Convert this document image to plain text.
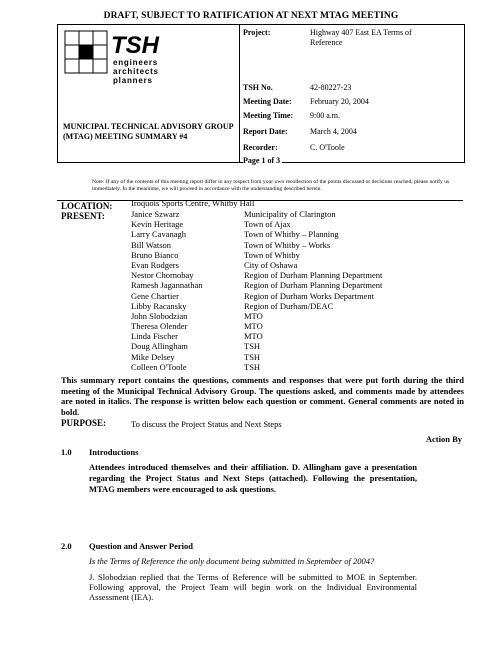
DRAFT, SUBJECT TO RATIFICATION AT NEXT MTAG MEETING
TSH
engineers
architects
planners
MUNICIPAL TECHNICAL ADVISORY GROUP (MTAG) MEETING SUMMARY #4
Project:	Highway 407 East EA Terms of Reference
TSH No.	42-80227-23
Meeting Date: February 20, 2004
Meeting Time: 9:00 a.m.
Report Date:	March 4, 2004
Recorder:	C. O'Toole
Page 1 of 3
Note: If any of the contents of this meeting report differ in any respect from your own recollection of the points discussed or decisions reached, please notify us immediately. In the meantime, we will proceed in accordance with the understanding described herein.
LOCATION: Iroquois Sports Centre, Whitby Hall
PRESENT:	Janice Szwarz	Municipality of Clarington
Kevin Heritage	Town of Ajax
Larry Cavanagh	Town of Whitby – Planning
Bill Watson	Town of Whitby – Works
Bruno Bianco	Town of Whitby
Evan Rodgers	City of Oshawa
Nestor Chornobay	Region of Durham Planning Department
Ramesh Jagannathan	Region of Durham Planning Department
Gene Chartier	Region of Durham Works Department
Libby Racansky	Region of Durham/DEAC
John Slobodzian	MTO
Theresa Olender	MTO
Linda Fischer	MTO
Doug Allingham	TSH
Mike Delsey	TSH
Colleen O'Toole	TSH
This summary report contains the questions, comments and responses that were put forth during the third meeting of the Municipal Technical Advisory Group. The questions asked, and comments made by attendees are noted in italics. The response is written below each question or comment. General comments are noted in bold.
PURPOSE:	To discuss the Project Status and Next Steps
Action By
1.0 Introductions
Attendees introduced themselves and their affiliation. D. Allingham gave a presentation regarding the Project Status and Next Steps (attached). Following the presentation, MTAG members were encouraged to ask questions.
2.0 Question and Answer Period
Is the Terms of Reference the only document being submitted in September of 2004?
J. Slobodzian replied that the Terms of Reference will be submitted to MOE in September. Following approval, the Project Team will begin work on the Individual Environmental Assessment (IEA).
